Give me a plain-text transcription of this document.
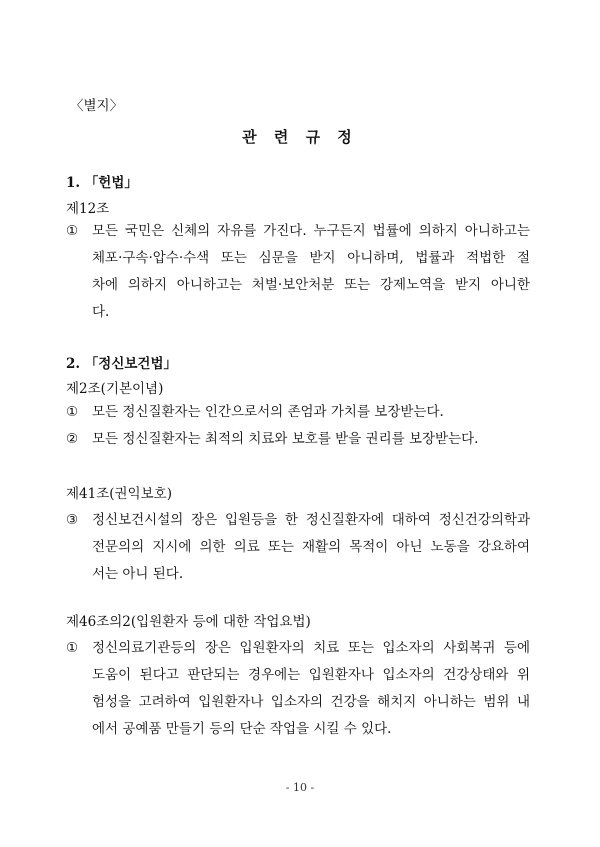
〈별지〉
관 련 규 정
1. 「헌법」
제12조
① 모든 국민은 신체의 자유를 가진다. 누구든지 법률에 의하지 아니하고는
체포·구속·압수·수색 또는 심문을 받지 아니하며, 법률과 적법한 절
차에 의하지 아니하고는 처벌·보안처분 또는 강제노역을 받지 아니한
다.
2. 「정신보건법」
제2조(기본이념)
① 모든 정신질환자는 인간으로서의 존엄과 가치를 보장받는다.
② 모든 정신질환자는 최적의 치료와 보호를 받을 권리를 보장받는다.
제41조(권익보호)
③ 정신보건시설의 장은 입원등을 한 정신질환자에 대하여 정신건강의학과
전문의의 지시에 의한 의료 또는 재활의 목적이 아닌 노동을 강요하여
서는 아니 된다.
제46조의2(입원환자 등에 대한 작업요법)
① 정신의료기관등의 장은 입원환자의 치료 또는 입소자의 사회복귀 등에
도움이 된다고 판단되는 경우에는 입원환자나 입소자의 건강상태와 위
험성을 고려하여 입원환자나 입소자의 건강을 해치지 아니하는 범위 내
에서 공예품 만들기 등의 단순 작업을 시킬 수 있다.
- 10 -
